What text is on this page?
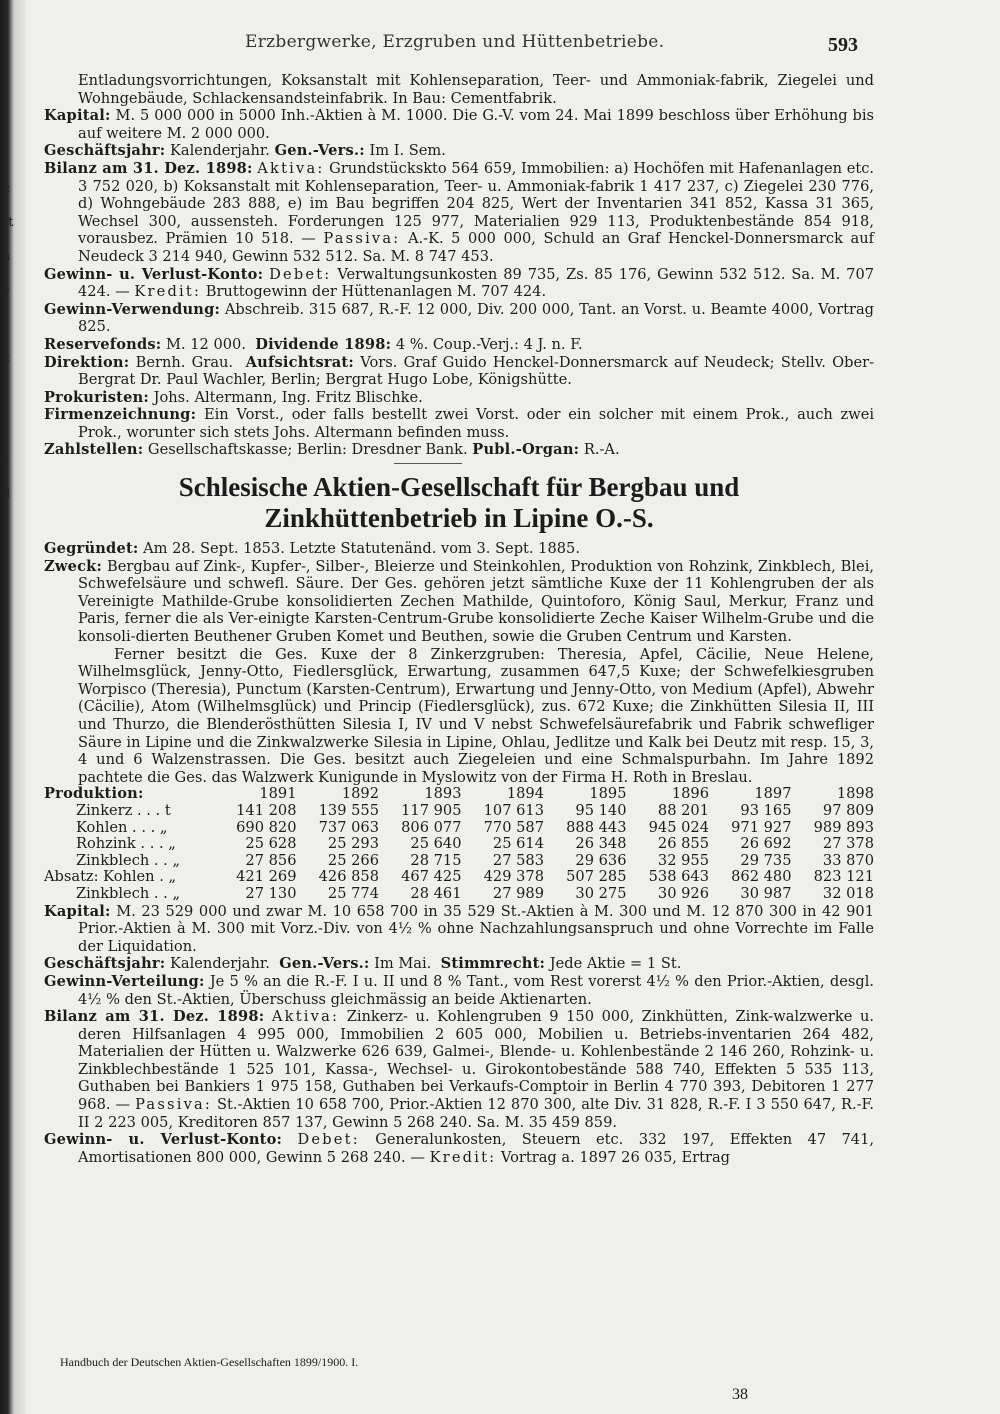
;
l:
rt
h
e
r
l:
t
/
z
il
Erzbergwerke, Erzgruben und Hüttenbetriebe.	593

Entladungsvorrichtungen, Koksanstalt mit Kohlenseparation, Teer- und Ammoniak-fabrik, Ziegelei und Wohngebäude, Schlackensandsteinfabrik. In Bau: Cementfabrik.

Kapital: M. 5 000 000 in 5000 Inh.-Aktien à M. 1000. Die G.-V. vom 24. Mai 1899 beschloss über Erhöhung bis auf weitere M. 2 000 000.

Geschäftsjahr: Kalenderjahr. Gen.-Vers.: Im I. Sem.

Bilanz am 31. Dez. 1898: Aktiva: Grundstückskto 564 659, Immobilien: a) Hochöfen mit Hafenanlagen etc. 3 752 020, b) Koksanstalt mit Kohlenseparation, Teer- u. Ammoniak-fabrik 1 417 237, c) Ziegelei 230 776, d) Wohngebäude 283 888, e) im Bau begriffen 204 825, Wert der Inventarien 341 852, Kassa 31 365, Wechsel 300, aussensteh. Forderungen 125 977, Materialien 929 113, Produktenbestände 854 918, vorausbez. Prämien 10 518. — Passiva: A.-K. 5 000 000, Schuld an Graf Henckel-Donnersmarck auf Neudeck 3 214 940, Gewinn 532 512. Sa. M. 8 747 453.

Gewinn- u. Verlust-Konto: Debet: Verwaltungsunkosten 89 735, Zs. 85 176, Gewinn 532 512. Sa. M. 707 424. — Kredit: Bruttogewinn der Hüttenanlagen M. 707 424.

Gewinn-Verwendung: Abschreib. 315 687, R.-F. 12 000, Div. 200 000, Tant. an Vorst. u. Beamte 4000, Vortrag 825.

Reservefonds: M. 12 000. Dividende 1898: 4 %. Coup.-Verj.: 4 J. n. F.

Direktion: Bernh. Grau. Aufsichtsrat: Vors. Graf Guido Henckel-Donnersmarck auf Neudeck; Stellv. Ober-Bergrat Dr. Paul Wachler, Berlin; Bergrat Hugo Lobe, Königshütte.

Prokuristen: Johs. Altermann, Ing. Fritz Blischke.

Firmenzeichnung: Ein Vorst., oder falls bestellt zwei Vorst. oder ein solcher mit einem Prok., auch zwei Prok., worunter sich stets Johs. Altermann befinden muss.

Zahlstellen: Gesellschaftskasse; Berlin: Dresdner Bank. Publ.-Organ: R.-A.

Schlesische Aktien-Gesellschaft für Bergbau und
Zinkhüttenbetrieb in Lipine O.-S.

Gegründet: Am 28. Sept. 1853. Letzte Statutenänd. vom 3. Sept. 1885.

Zweck: Bergbau auf Zink-, Kupfer-, Silber-, Bleierze und Steinkohlen, Produktion von Rohzink, Zinkblech, Blei, Schwefelsäure und schwefl. Säure. Der Ges. gehören jetzt sämtliche Kuxe der 11 Kohlengruben der als Vereinigte Mathilde-Grube konsolidierten Zechen Mathilde, Quintoforo, König Saul, Merkur, Franz und Paris, ferner die als Ver-einigte Karsten-Centrum-Grube konsolidierte Zeche Kaiser Wilhelm-Grube und die konsoli-dierten Beuthener Gruben Komet und Beuthen, sowie die Gruben Centrum und Karsten.

Ferner besitzt die Ges. Kuxe der 8 Zinkerzgruben: Theresia, Apfel, Cäcilie, Neue Helene, Wilhelmsglück, Jenny-Otto, Fiedlersglück, Erwartung, zusammen 647,5 Kuxe; der Schwefelkiesgruben Worpisco (Theresia), Punctum (Karsten-Centrum), Erwartung und Jenny-Otto, von Medium (Apfel), Abwehr (Cäcilie), Atom (Wilhelmsglück) und Princip (Fiedlersglück), zus. 672 Kuxe; die Zinkhütten Silesia II, III und Thurzo, die Blenderösthütten Silesia I, IV und V nebst Schwefelsäurefabrik und Fabrik schwefliger Säure in Lipine und die Zinkwalzwerke Silesia in Lipine, Ohlau, Jedlitze und Kalk bei Deutz mit resp. 15, 3, 4 und 6 Walzenstrassen. Die Ges. besitzt auch Ziegeleien und eine Schmalspurbahn. Im Jahre 1892 pachtete die Ges. das Walzwerk Kunigunde in Myslowitz von der Firma H. Roth in Breslau.

Produktion:	1891	1892	1893	1894	1895	1896	1897	1898
Zinkerz . . . t	141 208	139 555	117 905	107 613	95 140	88 201	93 165	97 809
Kohlen . . . „	690 820	737 063	806 077	770 587	888 443	945 024	971 927	989 893
Rohzink . . . „	25 628	25 293	25 640	25 614	26 348	26 855	26 692	27 378
Zinkblech . . „	27 856	25 266	28 715	27 583	29 636	32 955	29 735	33 870
Absatz: Kohlen . „	421 269	426 858	467 425	429 378	507 285	538 643	862 480	823 121
Zinkblech . . „	27 130	25 774	28 461	27 989	30 275	30 926	30 987	32 018

Kapital: M. 23 529 000 und zwar M. 10 658 700 in 35 529 St.-Aktien à M. 300 und M. 12 870 300 in 42 901 Prior.-Aktien à M. 300 mit Vorz.-Div. von 4½ % ohne Nachzahlungsanspruch und ohne Vorrechte im Falle der Liquidation.

Geschäftsjahr: Kalenderjahr. Gen.-Vers.: Im Mai. Stimmrecht: Jede Aktie = 1 St.

Gewinn-Verteilung: Je 5 % an die R.-F. I u. II und 8 % Tant., vom Rest vorerst 4½ % den Prior.-Aktien, desgl. 4½ % den St.-Aktien, Überschuss gleichmässig an beide Aktienarten.

Bilanz am 31. Dez. 1898: Aktiva: Zinkerz- u. Kohlengruben 9 150 000, Zinkhütten, Zink-walzwerke u. deren Hilfsanlagen 4 995 000, Immobilien 2 605 000, Mobilien u. Betriebs-inventarien 264 482, Materialien der Hütten u. Walzwerke 626 639, Galmei-, Blende- u. Kohlenbestände 2 146 260, Rohzink- u. Zinkblechbestände 1 525 101, Kassa-, Wechsel- u. Girokontobestände 588 740, Effekten 5 535 113, Guthaben bei Bankiers 1 975 158, Guthaben bei Verkaufs-Comptoir in Berlin 4 770 393, Debitoren 1 277 968. — Passiva: St.-Aktien 10 658 700, Prior.-Aktien 12 870 300, alte Div. 31 828, R.-F. I 3 550 647, R.-F. II 2 223 005, Kreditoren 857 137, Gewinn 5 268 240. Sa. M. 35 459 859.

Gewinn- u. Verlust-Konto: Debet: Generalunkosten, Steuern etc. 332 197, Effekten 47 741, Amortisationen 800 000, Gewinn 5 268 240. — Kredit: Vortrag a. 1897 26 035, Ertrag

Handbuch der Deutschen Aktien-Gesellschaften 1899/1900. I.
38
